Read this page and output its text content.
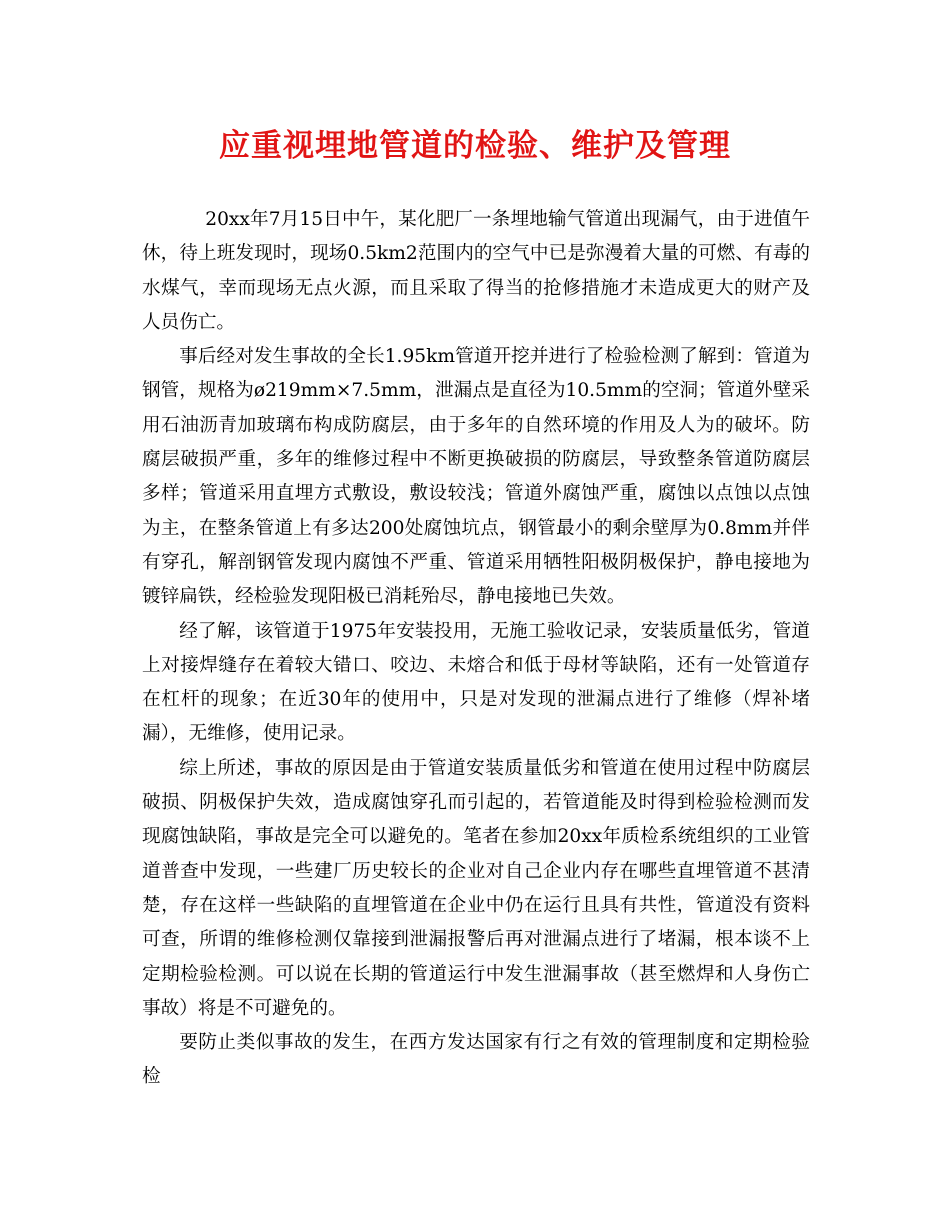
应重视埋地管道的检验、维护及管理

20xx年7月15日中午，某化肥厂一条埋地输气管道出现漏气，由于进值午休，待上班发现时，现场0.5km2范围内的空气中已是弥漫着大量的可燃、有毒的水煤气，幸而现场无点火源，而且采取了得当的抢修措施才未造成更大的财产及人员伤亡。

事后经对发生事故的全长1.95km管道开挖并进行了检验检测了解到：管道为钢管，规格为ø219mm×7.5mm，泄漏点是直径为10.5mm的空洞；管道外壁采用石油沥青加玻璃布构成防腐层，由于多年的自然环境的作用及人为的破坏。防腐层破损严重，多年的维修过程中不断更换破损的防腐层，导致整条管道防腐层多样；管道采用直埋方式敷设，敷设较浅；管道外腐蚀严重，腐蚀以点蚀以点蚀为主，在整条管道上有多达200处腐蚀坑点，钢管最小的剩余壁厚为0.8mm并伴有穿孔，解剖钢管发现内腐蚀不严重、管道采用牺牲阳极阴极保护，静电接地为镀锌扁铁，经检验发现阳极已消耗殆尽，静电接地已失效。

经了解，该管道于1975年安装投用，无施工验收记录，安装质量低劣，管道上对接焊缝存在着较大错口、咬边、未熔合和低于母材等缺陷，还有一处管道存在杠杆的现象；在近30年的使用中，只是对发现的泄漏点进行了维修（焊补堵漏），无维修，使用记录。

综上所述，事故的原因是由于管道安装质量低劣和管道在使用过程中防腐层破损、阴极保护失效，造成腐蚀穿孔而引起的，若管道能及时得到检验检测而发现腐蚀缺陷，事故是完全可以避免的。笔者在参加20xx年质检系统组织的工业管道普查中发现，一些建厂历史较长的企业对自己企业内存在哪些直埋管道不甚清楚，存在这样一些缺陷的直埋管道在企业中仍在运行且具有共性，管道没有资料可查，所谓的维修检测仅靠接到泄漏报警后再对泄漏点进行了堵漏，根本谈不上定期检验检测。可以说在长期的管道运行中发生泄漏事故（甚至燃焊和人身伤亡事故）将是不可避免的。

要防止类似事故的发生，在西方发达国家有行之有效的管理制度和定期检验检
